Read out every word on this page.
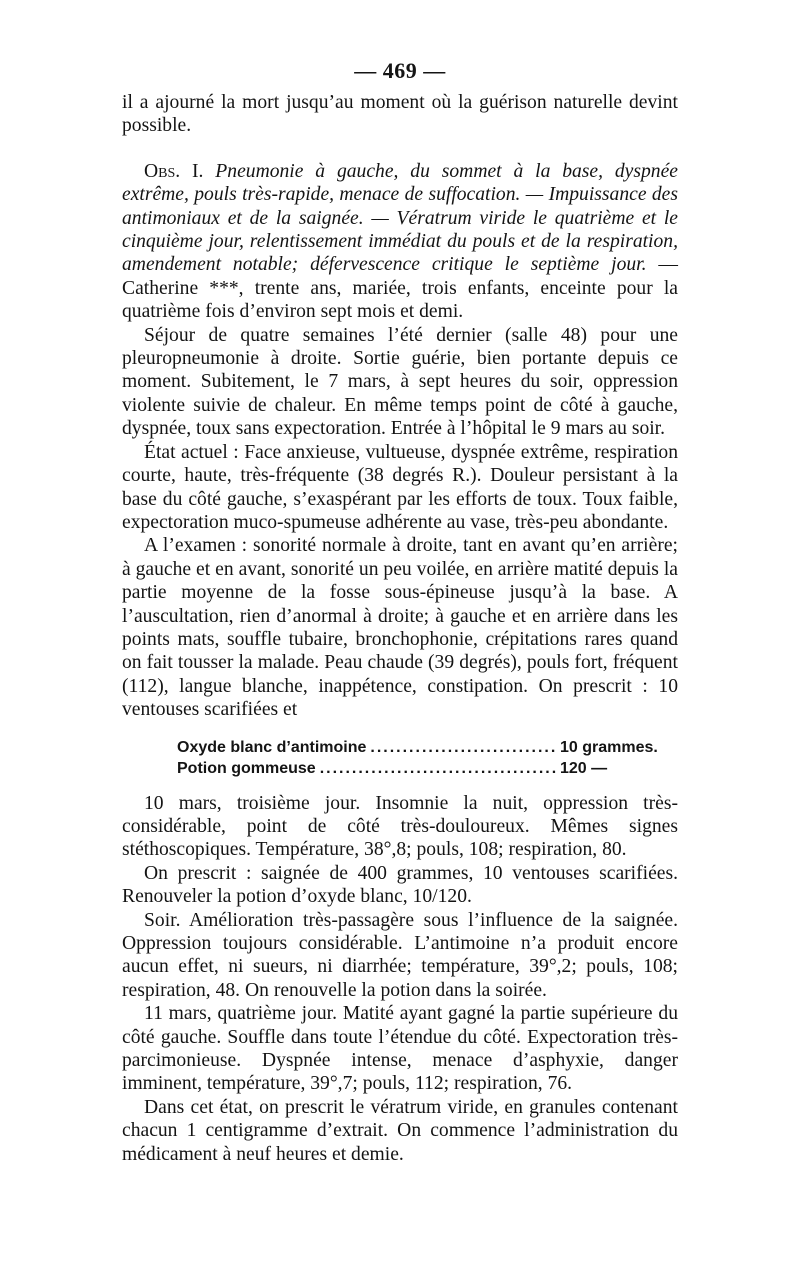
— 469 —

il a ajourné la mort jusqu’au moment où la guérison naturelle devint possible.

Obs. I. Pneumonie à gauche, du sommet à la base, dyspnée extrême, pouls très-rapide, menace de suffocation. — Impuissance des antimoniaux et de la saignée. — Vératrum viride le quatrième et le cinquième jour, relentissement immédiat du pouls et de la respiration, amendement notable; défervescence critique le septième jour. — Catherine ***, trente ans, mariée, trois enfants, enceinte pour la quatrième fois d’environ sept mois et demi.

Séjour de quatre semaines l’été dernier (salle 48) pour une pleuropneumonie à droite. Sortie guérie, bien portante depuis ce moment. Subitement, le 7 mars, à sept heures du soir, oppression violente suivie de chaleur. En même temps point de côté à gauche, dyspnée, toux sans expectoration. Entrée à l’hôpital le 9 mars au soir.

État actuel : Face anxieuse, vultueuse, dyspnée extrême, respiration courte, haute, très-fréquente (38 degrés R.). Douleur persistant à la base du côté gauche, s’exaspérant par les efforts de toux. Toux faible, expectoration muco-spumeuse adhérente au vase, très-peu abondante.

A l’examen : sonorité normale à droite, tant en avant qu’en arrière; à gauche et en avant, sonorité un peu voilée, en arrière matité depuis la partie moyenne de la fosse sous-épineuse jusqu’à la base. A l’auscultation, rien d’anormal à droite; à gauche et en arrière dans les points mats, souffle tubaire, bronchophonie, crépitations rares quand on fait tousser la malade. Peau chaude (39 degrés), pouls fort, fréquent (112), langue blanche, inappétence, constipation. On prescrit : 10 ventouses scarifiées et

Oxyde blanc d’antimoine .....	10 grammes.
Potion gommeuse .....	120 —

10 mars, troisième jour. Insomnie la nuit, oppression très-considérable, point de côté très-douloureux. Mêmes signes stéthoscopiques. Température, 38°,8; pouls, 108; respiration, 80.

On prescrit : saignée de 400 grammes, 10 ventouses scarifiées. Renouveler la potion d’oxyde blanc, 10/120.

Soir. Amélioration très-passagère sous l’influence de la saignée. Oppression toujours considérable. L’antimoine n’a produit encore aucun effet, ni sueurs, ni diarrhée; température, 39°,2; pouls, 108; respiration, 48. On renouvelle la potion dans la soirée.

11 mars, quatrième jour. Matité ayant gagné la partie supérieure du côté gauche. Souffle dans toute l’étendue du côté. Expectoration très-parcimonieuse. Dyspnée intense, menace d’asphyxie, danger imminent, température, 39°,7; pouls, 112; respiration, 76.

Dans cet état, on prescrit le vératrum viride, en granules contenant chacun 1 centigramme d’extrait. On commence l’administration du médicament à neuf heures et demie.
